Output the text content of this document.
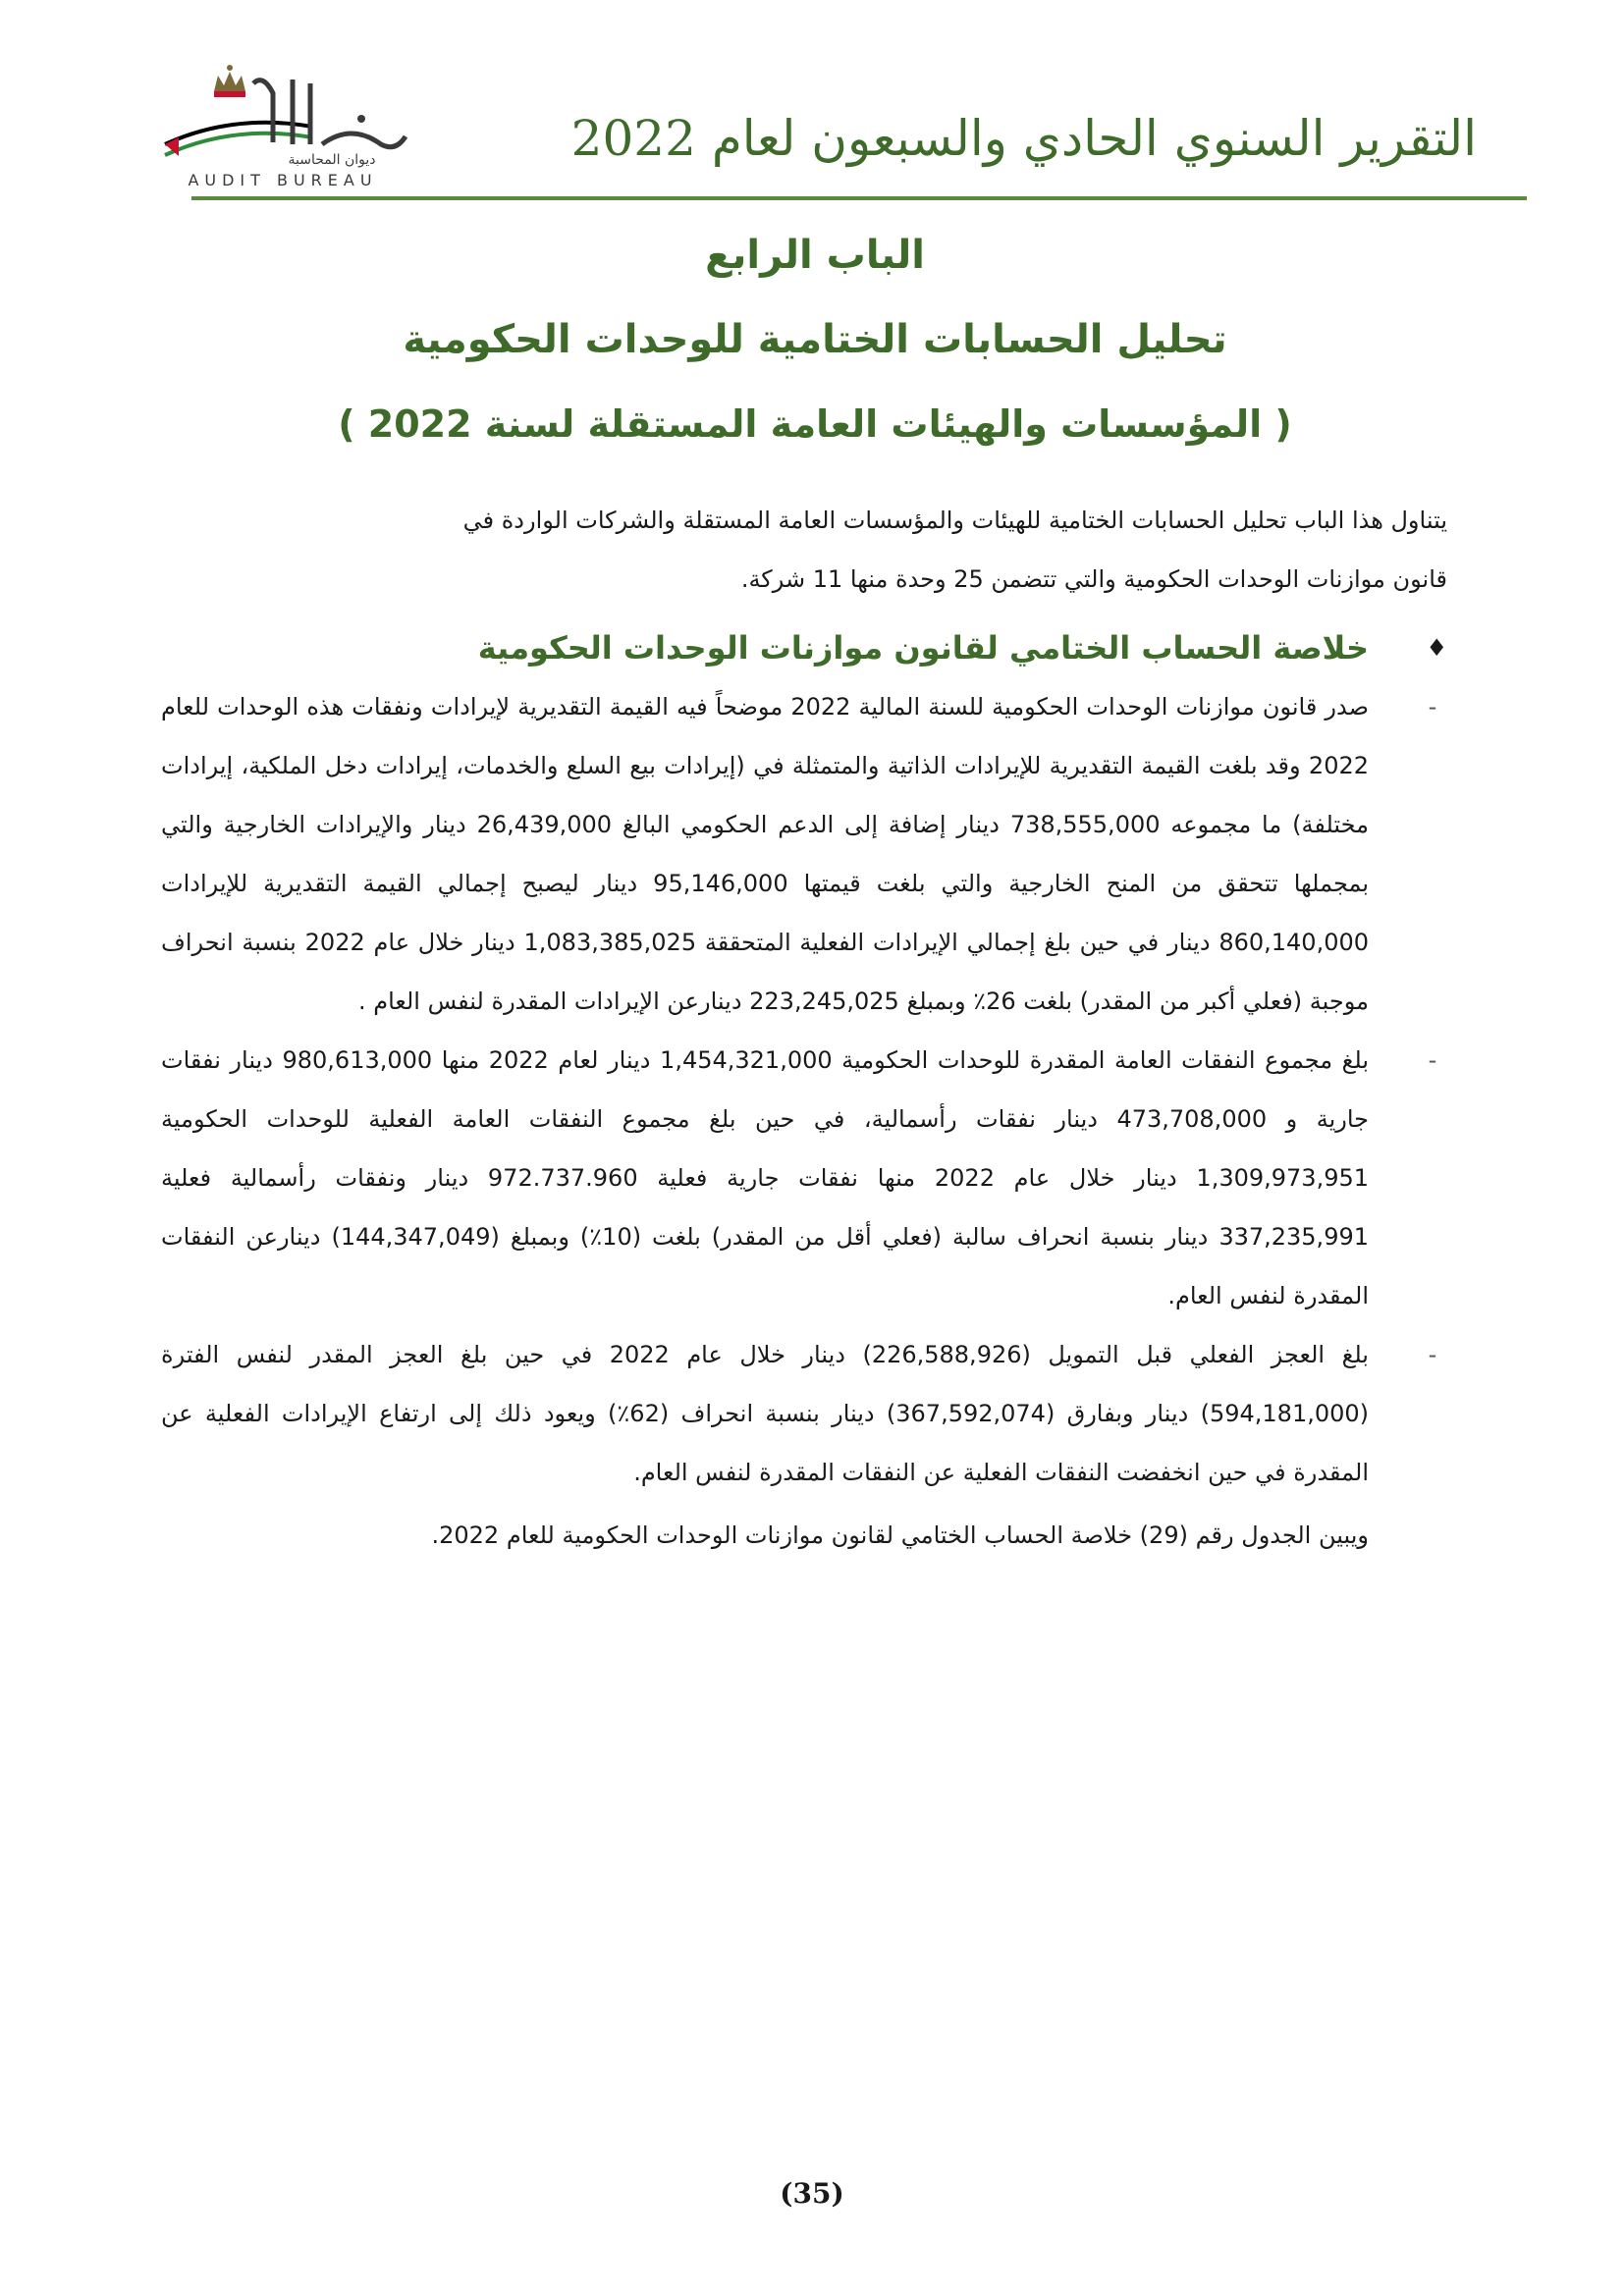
التقرير السنوي الحادي والسبعون لعام 2022
ديوان المحاسبة
AUDIT BUREAU
الباب الرابع
تحليل الحسابات الختامية للوحدات الحكومية
( المؤسسات والهيئات العامة المستقلة لسنة 2022 )

يتناول هذا الباب تحليل الحسابات الختامية للهيئات والمؤسسات العامة المستقلة والشركات الواردة في

قانون موازنات الوحدات الحكومية والتي تتضمن 25 وحدة منها 11 شركة.

♦
خلاصة الحساب الختامي لقانون موازنات الوحدات الحكومية
-
صدر قانون موازنات الوحدات الحكومية للسنة المالية 2022 موضحاً فيه القيمة التقديرية لإيرادات ونفقات هذه الوحدات للعام 2022 وقد بلغت القيمة التقديرية للإيرادات الذاتية والمتمثلة في (إيرادات بيع السلع والخدمات، إيرادات دخل الملكية، إيرادات مختلفة) ما مجموعه 738,555,000 دينار إضافة إلى الدعم الحكومي البالغ 26,439,000 دينار والإيرادات الخارجية والتي بمجملها تتحقق من المنح الخارجية والتي بلغت قيمتها 95,146,000 دينار ليصبح إجمالي القيمة التقديرية للإيرادات 860,140,000 دينار في حين بلغ إجمالي الإيرادات الفعلية المتحققة 1,083,385,025 دينار خلال عام 2022 بنسبة انحراف موجبة (فعلي أكبر من المقدر) بلغت 26٪ وبمبلغ 223,245,025 دينارعن الإيرادات المقدرة لنفس العام .
-
بلغ مجموع النفقات العامة المقدرة للوحدات الحكومية 1,454,321,000 دينار لعام 2022 منها 980,613,000 دينار نفقات جارية و 473,708,000 دينار نفقات رأسمالية، في حين بلغ مجموع النفقات العامة الفعلية للوحدات الحكومية 1,309,973,951 دينار خلال عام 2022 منها نفقات جارية فعلية 972.737.960 دينار ونفقات رأسمالية فعلية 337,235,991 دينار بنسبة انحراف سالبة (فعلي أقل من المقدر) بلغت (10٪) وبمبلغ (144,347,049) دينارعن النفقات المقدرة لنفس العام.
-
بلغ العجز الفعلي قبل التمويل (226,588,926) دينار خلال عام 2022 في حين بلغ العجز المقدر لنفس الفترة (594,181,000) دينار وبفارق (367,592,074) دينار بنسبة انحراف (62٪) ويعود ذلك إلى ارتفاع الإيرادات الفعلية عن المقدرة في حين انخفضت النفقات الفعلية عن النفقات المقدرة لنفس العام.

ويبين الجدول رقم (29) خلاصة الحساب الختامي لقانون موازنات الوحدات الحكومية للعام 2022.

(35)
